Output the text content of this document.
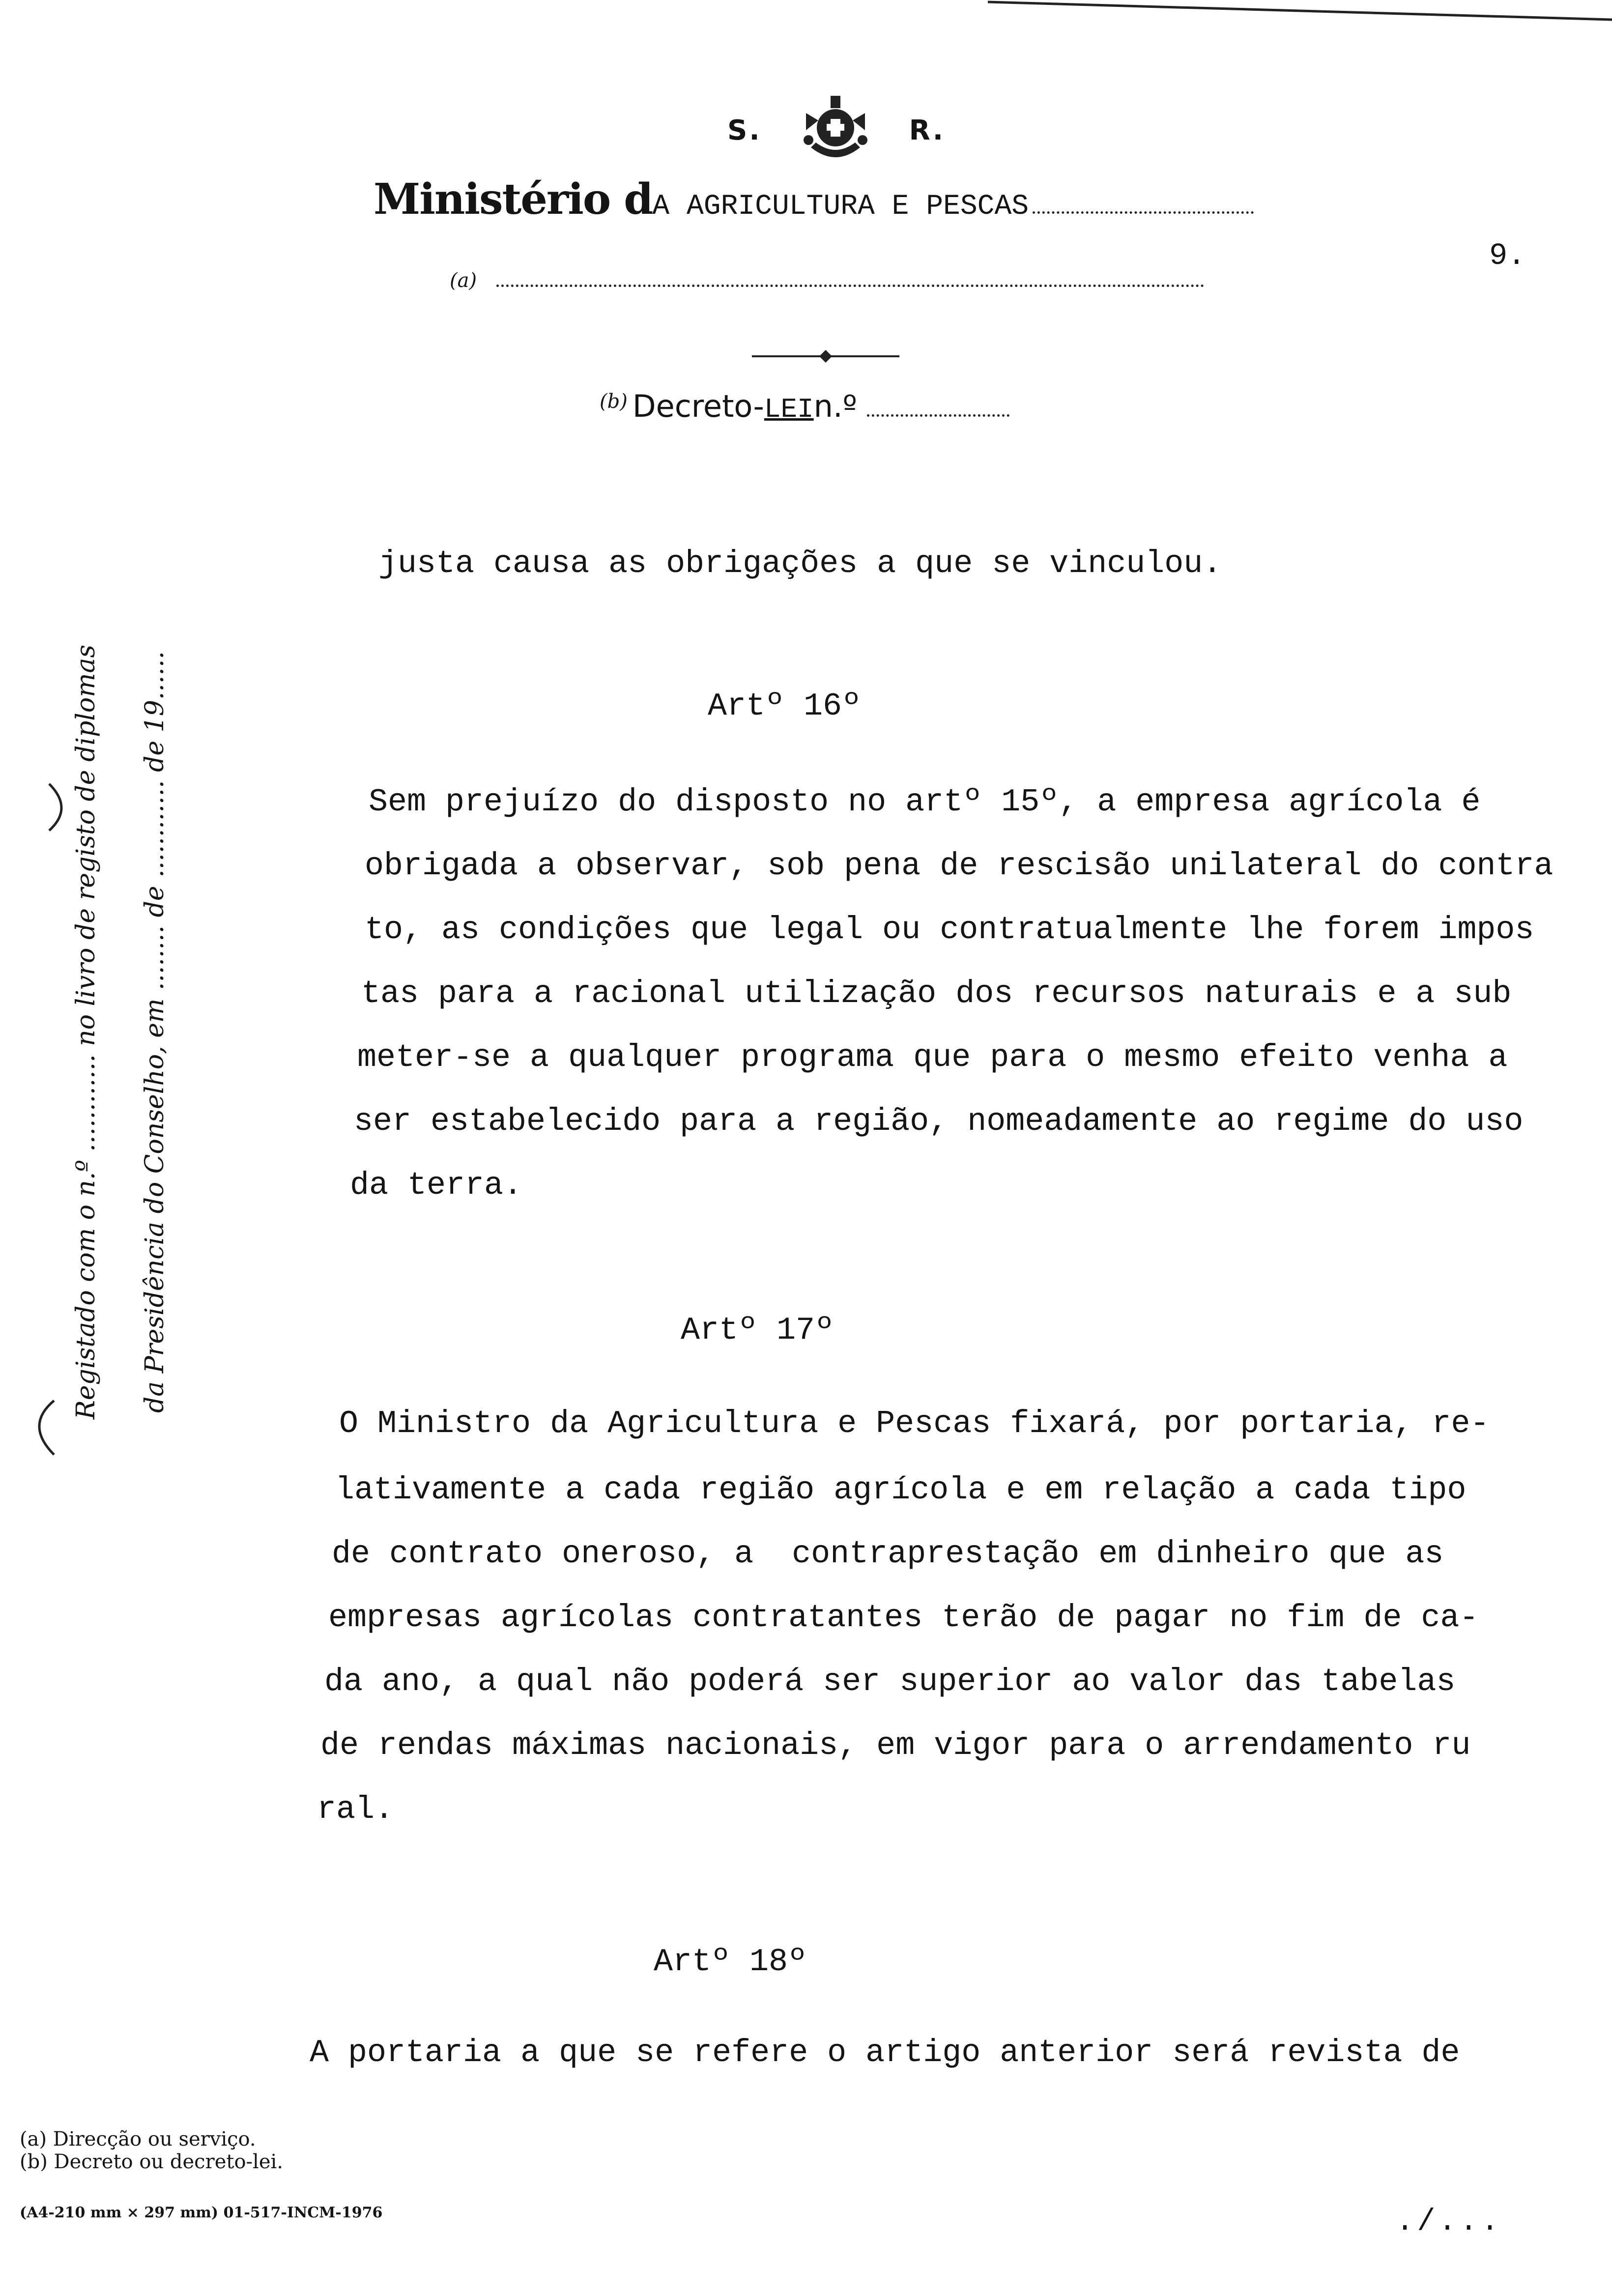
S.	R.
Ministério dA AGRICULTURA E PESCAS
9.
(a)
(b) Decreto-LEIn.º
Registado com o n.º ............ no livro de registo de diplomas	da Presidência do Conselho, em ........ de ............ de 19......
justa causa as obrigações a que se vinculou.
Artº 16º
Sem prejuízo do disposto no artº 15º, a empresa agrícola é
obrigada a observar, sob pena de rescisão unilateral do contra
to, as condições que legal ou contratualmente lhe forem impos
tas para a racional utilização dos recursos naturais e a sub
meter-se a qualquer programa que para o mesmo efeito venha a
ser estabelecido para a região, nomeadamente ao regime do uso
da terra.
Artº 17º
O Ministro da Agricultura e Pescas fixará, por portaria, re-
lativamente a cada região agrícola e em relação a cada tipo
de contrato oneroso, a  contraprestação em dinheiro que as
empresas agrícolas contratantes terão de pagar no fim de ca-
da ano, a qual não poderá ser superior ao valor das tabelas
de rendas máximas nacionais, em vigor para o arrendamento ru
ral.
Artº 18º
A portaria a que se refere o artigo anterior será revista de
(a) Direcção ou serviço.
(b) Decreto ou decreto-lei.
(A4-210 mm × 297 mm) 01-517-INCM-1976	./...
